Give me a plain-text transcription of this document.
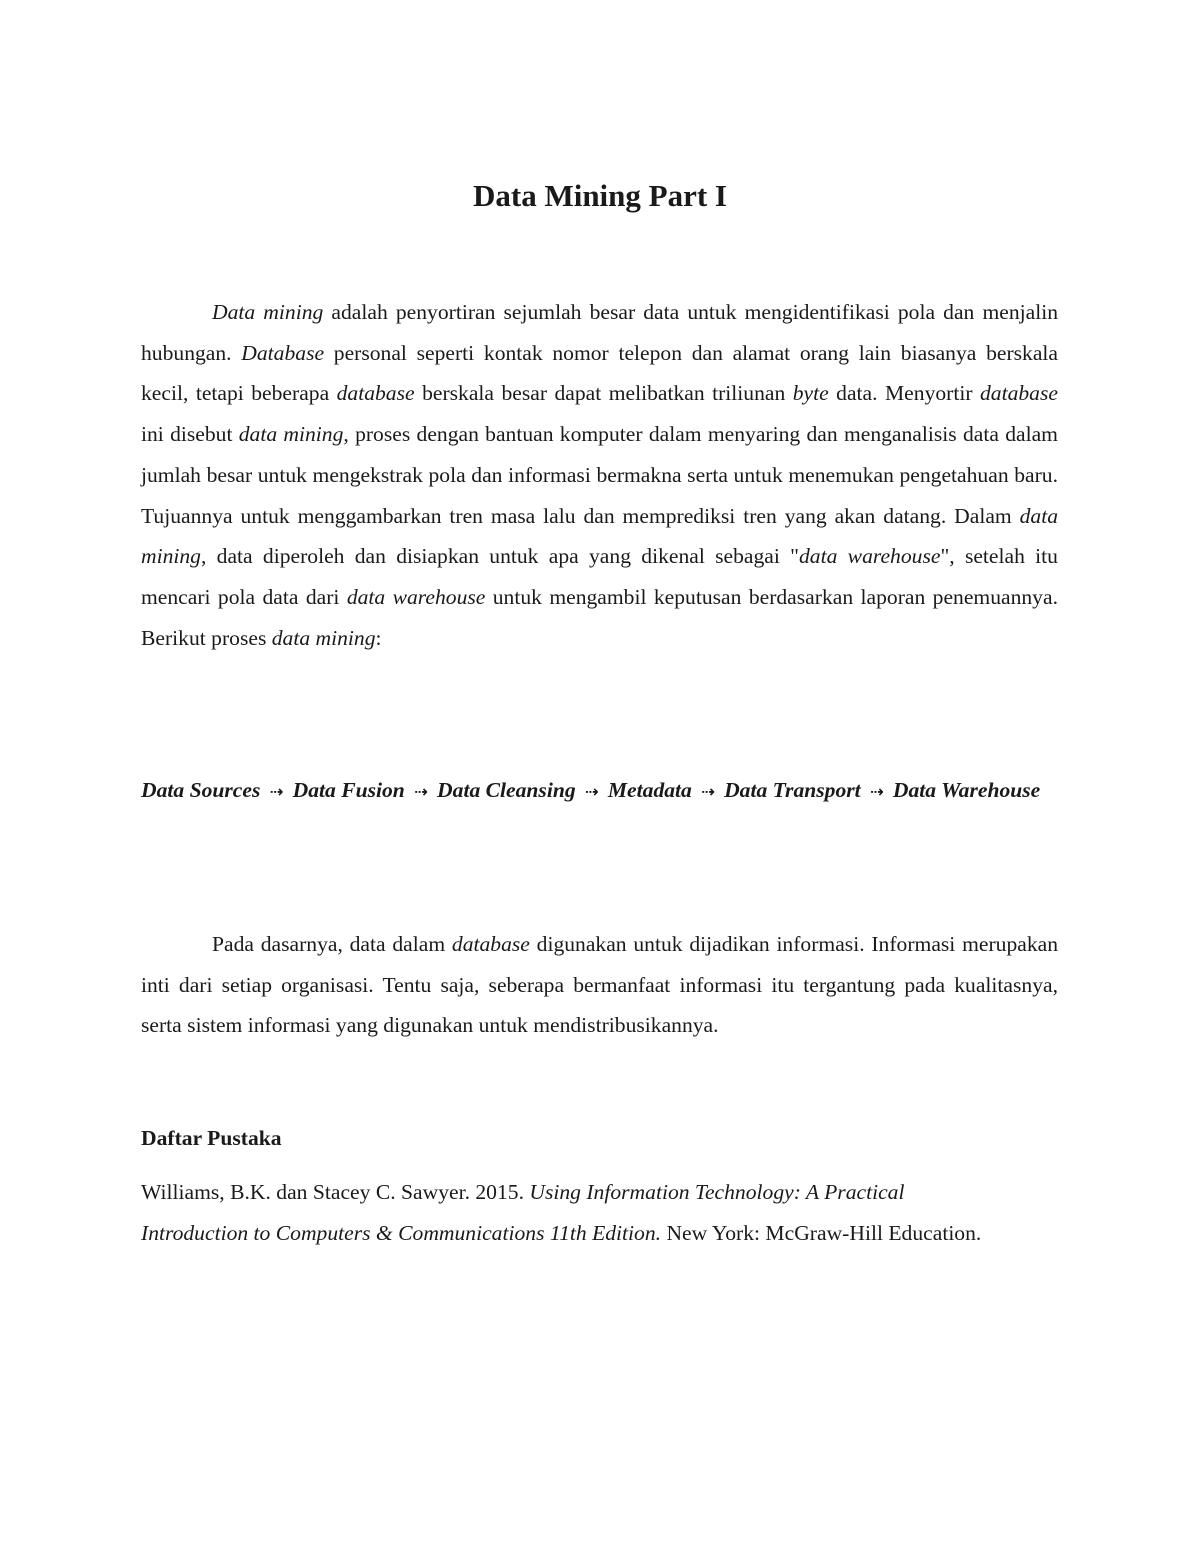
Data Mining Part I

Data mining adalah penyortiran sejumlah besar data untuk mengidentifikasi pola dan menjalin hubungan. Database personal seperti kontak nomor telepon dan alamat orang lain biasanya berskala kecil, tetapi beberapa database berskala besar dapat melibatkan triliunan byte data. Menyortir database ini disebut data mining, proses dengan bantuan komputer dalam menyaring dan menganalisis data dalam jumlah besar untuk mengekstrak pola dan informasi bermakna serta untuk menemukan pengetahuan baru. Tujuannya untuk menggambarkan tren masa lalu dan memprediksi tren yang akan datang. Dalam data mining, data diperoleh dan disiapkan untuk apa yang dikenal sebagai "data warehouse", setelah itu mencari pola data dari data warehouse untuk mengambil keputusan berdasarkan laporan penemuannya. Berikut proses data mining:

Data Sources ⇢ Data Fusion ⇢ Data Cleansing ⇢ Metadata ⇢ Data Transport ⇢ Data Warehouse

Pada dasarnya, data dalam database digunakan untuk dijadikan informasi. Informasi merupakan inti dari setiap organisasi. Tentu saja, seberapa bermanfaat informasi itu tergantung pada kualitasnya, serta sistem informasi yang digunakan untuk mendistribusikannya.

Daftar Pustaka

Williams, B.K. dan Stacey C. Sawyer. 2015. Using Information Technology: A Practical Introduction to Computers & Communications 11th Edition. New York: McGraw-Hill Education.
